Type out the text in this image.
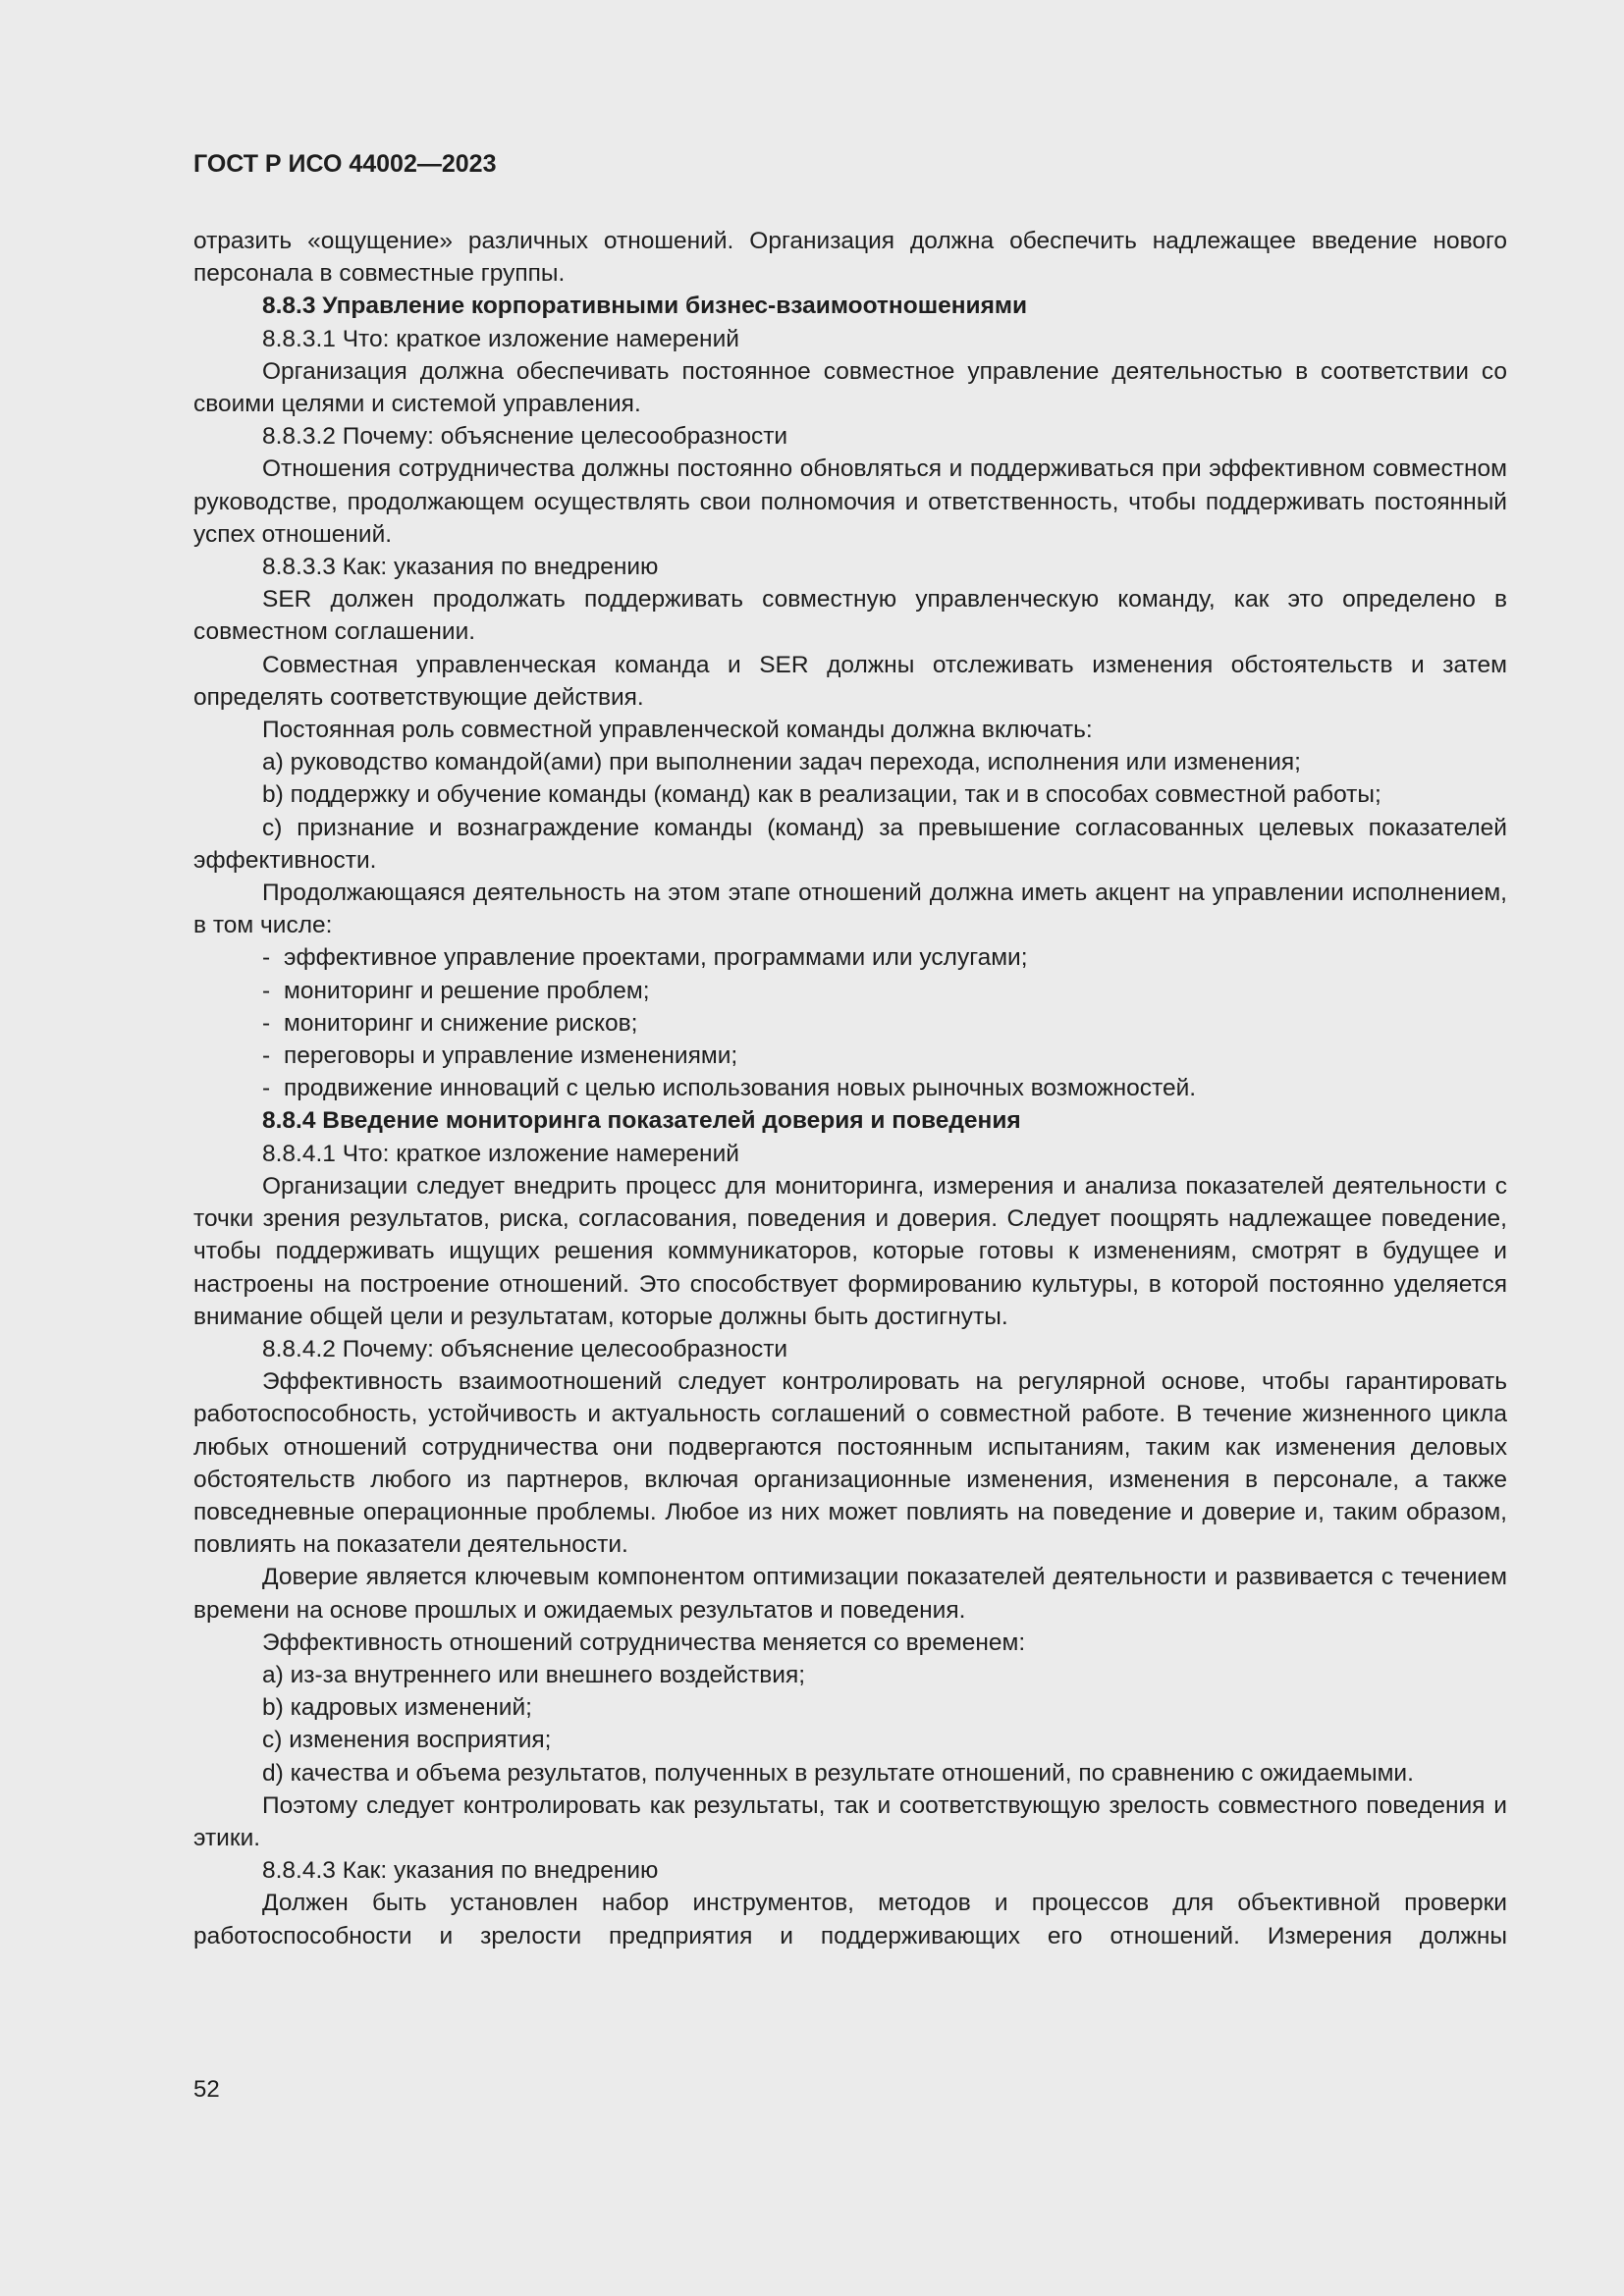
ГОСТ Р ИСО 44002—2023

отразить «ощущение» различных отношений. Организация должна обеспечить надлежащее введение нового персонала в совместные группы.

8.8.3 Управление корпоративными бизнес-взаимоотношениями

8.8.3.1 Что: краткое изложение намерений

Организация должна обеспечивать постоянное совместное управление деятельностью в соответствии со своими целями и системой управления.

8.8.3.2 Почему: объяснение целесообразности

Отношения сотрудничества должны постоянно обновляться и поддерживаться при эффективном совместном руководстве, продолжающем осуществлять свои полномочия и ответственность, чтобы поддерживать постоянный успех отношений.

8.8.3.3 Как: указания по внедрению

SER должен продолжать поддерживать совместную управленческую команду, как это определено в совместном соглашении.

Совместная управленческая команда и SER должны отслеживать изменения обстоятельств и затем определять соответствующие действия.

Постоянная роль совместной управленческой команды должна включать:

a) руководство командой(ами) при выполнении задач перехода, исполнения или изменения;

b) поддержку и обучение команды (команд) как в реализации, так и в способах совместной работы;

c) признание и вознаграждение команды (команд) за превышение согласованных целевых показателей эффективности.

Продолжающаяся деятельность на этом этапе отношений должна иметь акцент на управлении исполнением, в том числе:

- эффективное управление проектами, программами или услугами;

- мониторинг и решение проблем;

- мониторинг и снижение рисков;

- переговоры и управление изменениями;

- продвижение инноваций с целью использования новых рыночных возможностей.

8.8.4 Введение мониторинга показателей доверия и поведения

8.8.4.1 Что: краткое изложение намерений

Организации следует внедрить процесс для мониторинга, измерения и анализа показателей деятельности с точки зрения результатов, риска, согласования, поведения и доверия. Следует поощрять надлежащее поведение, чтобы поддерживать ищущих решения коммуникаторов, которые готовы к изменениям, смотрят в будущее и настроены на построение отношений. Это способствует формированию культуры, в которой постоянно уделяется внимание общей цели и результатам, которые должны быть достигнуты.

8.8.4.2 Почему: объяснение целесообразности

Эффективность взаимоотношений следует контролировать на регулярной основе, чтобы гарантировать работоспособность, устойчивость и актуальность соглашений о совместной работе. В течение жизненного цикла любых отношений сотрудничества они подвергаются постоянным испытаниям, таким как изменения деловых обстоятельств любого из партнеров, включая организационные изменения, изменения в персонале, а также повседневные операционные проблемы. Любое из них может повлиять на поведение и доверие и, таким образом, повлиять на показатели деятельности.

Доверие является ключевым компонентом оптимизации показателей деятельности и развивается с течением времени на основе прошлых и ожидаемых результатов и поведения.

Эффективность отношений сотрудничества меняется со временем:

a) из-за внутреннего или внешнего воздействия;

b) кадровых изменений;

c) изменения восприятия;

d) качества и объема результатов, полученных в результате отношений, по сравнению с ожидаемыми.

Поэтому следует контролировать как результаты, так и соответствующую зрелость совместного поведения и этики.

8.8.4.3 Как: указания по внедрению

Должен быть установлен набор инструментов, методов и процессов для объективной проверки работоспособности и зрелости предприятия и поддерживающих его отношений. Измерения должны

52
